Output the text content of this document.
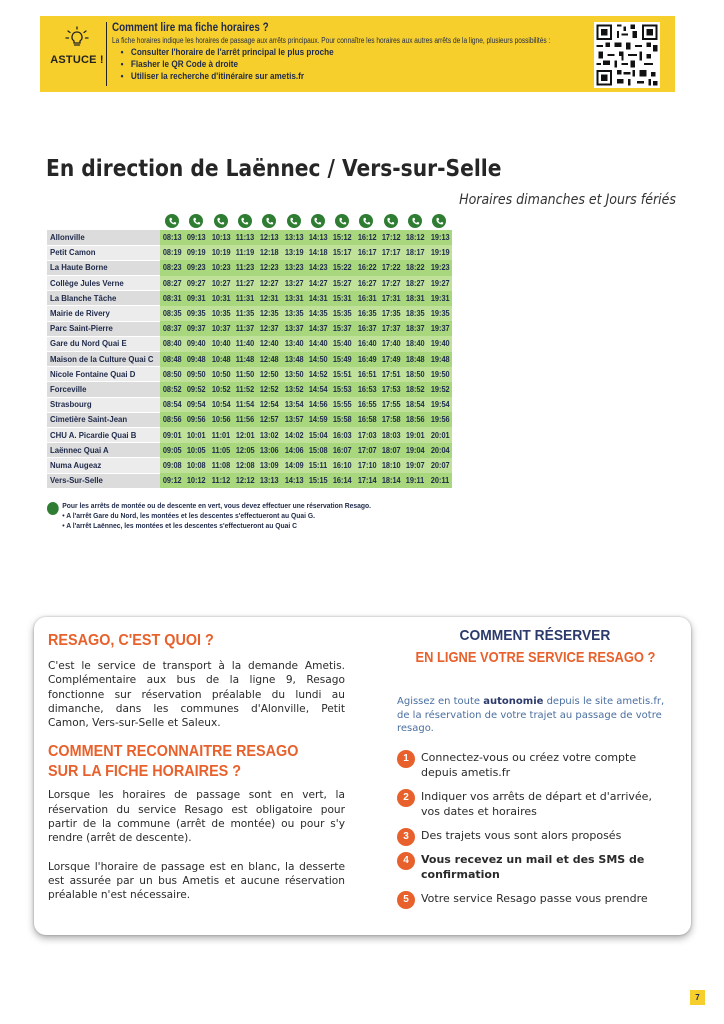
ASTUCE !
Comment lire ma fiche horaires ?
La fiche horaires indique les horaires de passage aux arrêts principaux. Pour connaître les horaires aux autres arrêts de la ligne, plusieurs possibilités :
• Consulter l'horaire de l'arrêt principal le plus proche
• Flasher le QR Code à droite
• Utiliser la recherche d'itinéraire sur ametis.fr
En direction de Laënnec / Vers-sur-Selle
Horaires dimanches et Jours fériés
Allonville	08:13	09:13	10:13	11:13	12:13	13:13	14:13	15:12	16:12	17:12	18:12	19:13
Petit Camon	08:19	09:19	10:19	11:19	12:18	13:19	14:18	15:17	16:17	17:17	18:17	19:19
La Haute Borne	08:23	09:23	10:23	11:23	12:23	13:23	14:23	15:22	16:22	17:22	18:22	19:23
Collège Jules Verne	08:27	09:27	10:27	11:27	12:27	13:27	14:27	15:27	16:27	17:27	18:27	19:27
La Blanche Tâche	08:31	09:31	10:31	11:31	12:31	13:31	14:31	15:31	16:31	17:31	18:31	19:31
Mairie de Rivery	08:35	09:35	10:35	11:35	12:35	13:35	14:35	15:35	16:35	17:35	18:35	19:35
Parc Saint-Pierre	08:37	09:37	10:37	11:37	12:37	13:37	14:37	15:37	16:37	17:37	18:37	19:37
Gare du Nord Quai E	08:40	09:40	10:40	11:40	12:40	13:40	14:40	15:40	16:40	17:40	18:40	19:40
Maison de la Culture Quai C	08:48	09:48	10:48	11:48	12:48	13:48	14:50	15:49	16:49	17:49	18:48	19:48
Nicole Fontaine Quai D	08:50	09:50	10:50	11:50	12:50	13:50	14:52	15:51	16:51	17:51	18:50	19:50
Forceville	08:52	09:52	10:52	11:52	12:52	13:52	14:54	15:53	16:53	17:53	18:52	19:52
Strasbourg	08:54	09:54	10:54	11:54	12:54	13:54	14:56	15:55	16:55	17:55	18:54	19:54
Cimetière Saint-Jean	08:56	09:56	10:56	11:56	12:57	13:57	14:59	15:58	16:58	17:58	18:56	19:56
CHU A. Picardie Quai B	09:01	10:01	11:01	12:01	13:02	14:02	15:04	16:03	17:03	18:03	19:01	20:01
Laënnec Quai A	09:05	10:05	11:05	12:05	13:06	14:06	15:08	16:07	17:07	18:07	19:04	20:04
Numa Augeaz	09:08	10:08	11:08	12:08	13:09	14:09	15:11	16:10	17:10	18:10	19:07	20:07
Vers-Sur-Selle	09:12	10:12	11:12	12:12	13:13	14:13	15:15	16:14	17:14	18:14	19:11	20:11
Pour les arrêts de montée ou de descente en vert, vous devez effectuer une réservation Resago.
• A l'arrêt Gare du Nord, les montées et les descentes s'effectueront au Quai G.
• A l'arrêt Laënnec, les montées et les descentes s'effectueront au Quai C
RESAGO, C'EST QUOI ?

C'est le service de transport à la demande Ametis. Complémentaire aux bus de la ligne 9, Resago fonctionne sur réservation préalable du lundi au dimanche, dans les communes d'Alonville, Petit Camon, Vers-sur-Selle et Saleux.

COMMENT RECONNAITRE RESAGO
SUR LA FICHE HORAIRES ?

Lorsque les horaires de passage sont en vert, la réservation du service Resago est obligatoire pour partir de la commune (arrêt de montée) ou pour s'y rendre (arrêt de descente).

Lorsque l'horaire de passage est en blanc, la desserte est assurée par un bus Ametis et aucune réservation préalable n'est nécessaire.

COMMENT RÉSERVER
EN LIGNE VOTRE SERVICE RESAGO ?

Agissez en toute autonomie depuis le site ametis.fr, de la réservation de votre trajet au passage de votre resago.

1	Connectez-vous ou créez votre compte depuis ametis.fr
2	Indiquer vos arrêts de départ et d'arrivée, vos dates et horaires
3	Des trajets vous sont alors proposés
4	Vous recevez un mail et des SMS de confirmation
5	Votre service Resago passe vous prendre
7
